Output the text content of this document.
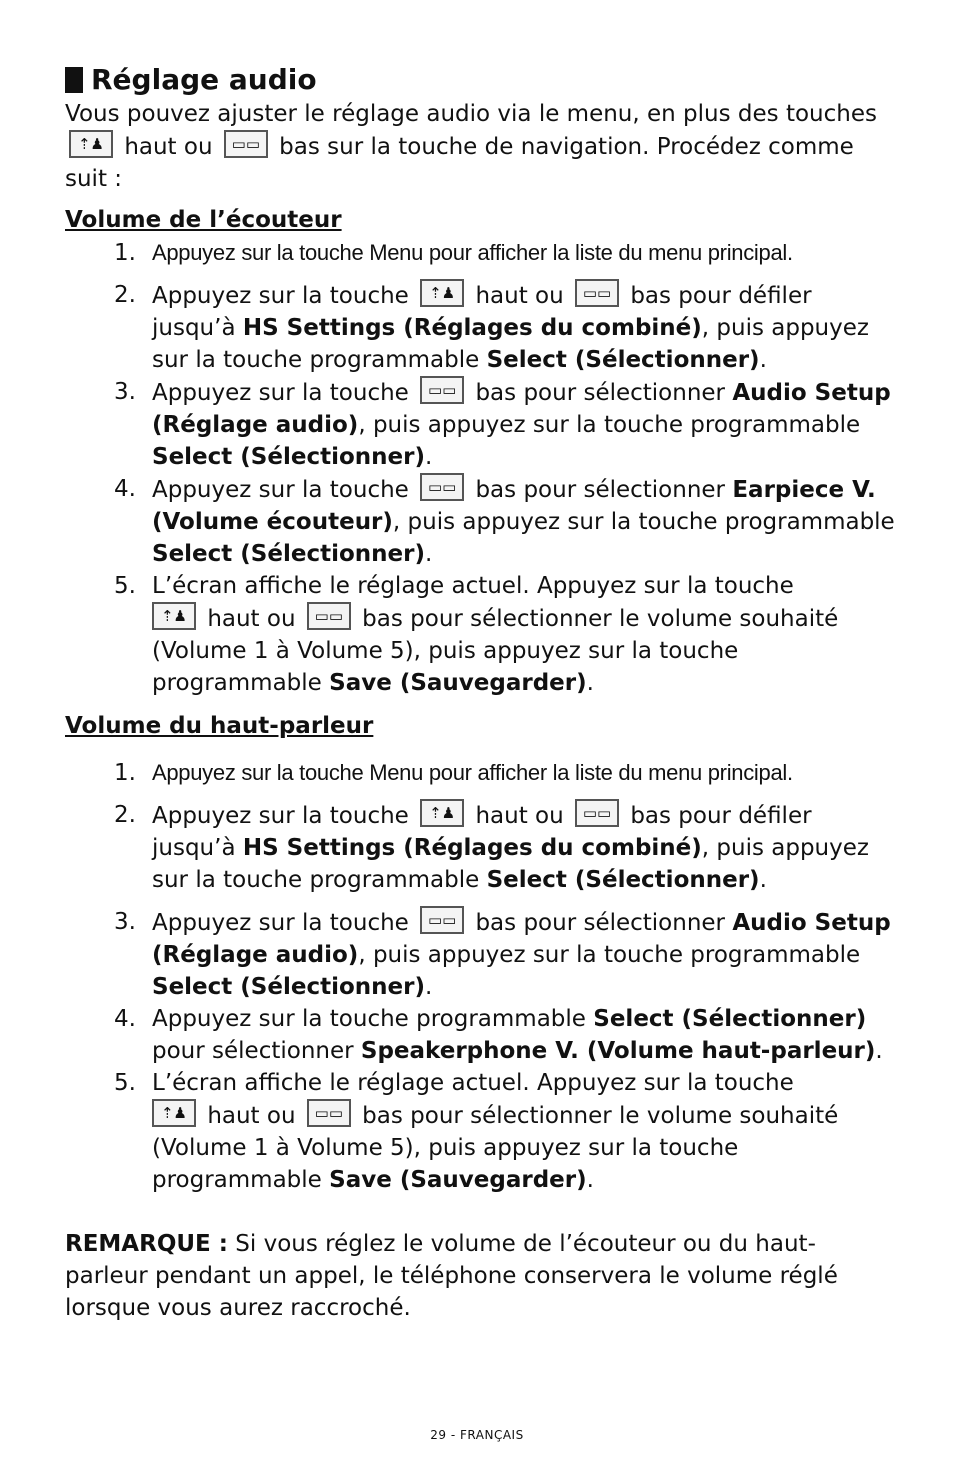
Réglage audio

Vous pouvez ajuster le réglage audio via le menu, en plus des touches

⇡♟ haut ou	▭▭ bas sur la touche de navigation. Procédez comme suit :

Volume de l’écouteur
1. Appuyez sur la touche Menu pour afficher la liste du menu principal.
2. Appuyez sur la touche	⇡♟ haut ou	▭▭ bas pour défiler jusqu’à HS Settings (Réglages du combiné), puis appuyez sur la touche programmable Select (Sélectionner).
3. Appuyez sur la touche	▭▭ bas pour sélectionner Audio Setup (Réglage audio), puis appuyez sur la touche programmable Select (Sélectionner).
4. Appuyez sur la touche	▭▭ bas pour sélectionner Earpiece V. (Volume écouteur), puis appuyez sur la touche programmable Select (Sélectionner).
5. L’écran affiche le réglage actuel. Appuyez sur la touche

⇡♟ haut ou	▭▭ bas pour sélectionner le volume souhaité (Volume 1 à Volume 5), puis appuyez sur la touche programmable Save (Sauvegarder).
Volume du haut-parleur
1. Appuyez sur la touche Menu pour afficher la liste du menu principal.
2. Appuyez sur la touche	⇡♟ haut ou	▭▭ bas pour défiler jusqu’à HS Settings (Réglages du combiné), puis appuyez sur la touche programmable Select (Sélectionner).
3. Appuyez sur la touche	▭▭ bas pour sélectionner Audio Setup (Réglage audio), puis appuyez sur la touche programmable Select (Sélectionner).
4. Appuyez sur la touche programmable Select (Sélectionner) pour sélectionner Speakerphone V. (Volume haut-parleur).
5. L’écran affiche le réglage actuel. Appuyez sur la touche

⇡♟ haut ou	▭▭ bas pour sélectionner le volume souhaité (Volume 1 à Volume 5), puis appuyez sur la touche programmable Save (Sauvegarder).

REMARQUE : Si vous réglez le volume de l’écouteur ou du haut-parleur pendant un appel, le téléphone conservera le volume réglé lorsque vous aurez raccroché.

29 - FRANÇAIS
